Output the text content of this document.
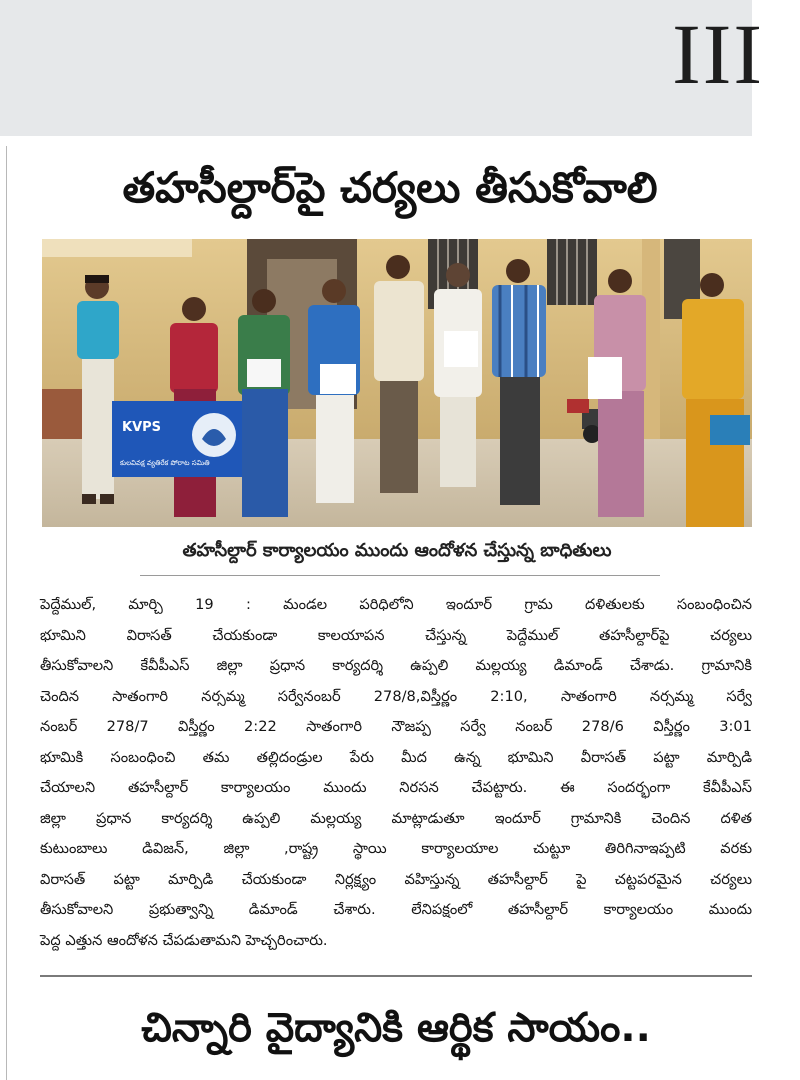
III
తహసీల్దార్‌పై చర్యలు తీసుకోవాలి
KVPS
కులవివక్ష వ్యతిరేక పోరాట సమితి

తహసీల్దార్ కార్యాలయం ముందు ఆందోళన చేస్తున్న బాధితులు

పెద్దేముల్, మార్చి 19 : మండల పరిధిలోని ఇందూర్ గ్రామ దళితులకు సంబంధించిన
భూమిని విరాసత్ చేయకుండా కాలయాపన చేస్తున్న పెద్దేముల్ తహసీల్దార్‌పై చర్యలు
తీసుకోవాలని కేవీపీఎస్ జిల్లా ప్రధాన కార్యదర్శి ఉప్పలి మల్లయ్య డిమాండ్ చేశాడు. గ్రామానికి
చెందిన సాతంగారి నర్సమ్మ సర్వేనంబర్ 278/8,విస్తీర్ణం 2:10, సాతంగారి నర్సమ్మ సర్వే
నంబర్ 278/7 విస్తీర్ణం 2:22 సాతంగారి నౌజప్ప సర్వే నంబర్ 278/6 విస్తీర్ణం 3:01
భూమికి సంబంధించి తమ తల్లిదండ్రుల పేరు మీద ఉన్న భూమిని వీరాసత్ పట్టా మార్పిడి
చేయాలని తహసీల్దార్ కార్యాలయం ముందు నిరసన చేపట్టారు. ఈ సందర్భంగా కేవీపీఎస్
జిల్లా ప్రధాన కార్యదర్శి ఉప్పలి మల్లయ్య మాట్లాడుతూ ఇందూర్ గ్రామానికి చెందిన దళిత
కుటుంబాలు డివిజన్, జిల్లా ,రాష్ట్ర స్థాయి కార్యాలయాల చుట్టూ తిరిగినాఇప్పటి వరకు
విరాసత్ పట్టా మార్పిడి చేయకుండా నిర్లక్ష్యం వహిస్తున్న తహసీల్దార్ పై చట్టపరమైన చర్యలు
తీసుకోవాలని ప్రభుత్వాన్ని డిమాండ్ చేశారు. లేనిపక్షంలో తహసీల్దార్ కార్యాలయం ముందు
పెద్ద ఎత్తున ఆందోళన చేపడుతామని హెచ్చరించారు.
చిన్నారి వైద్యానికి ఆర్థిక సాయం..
